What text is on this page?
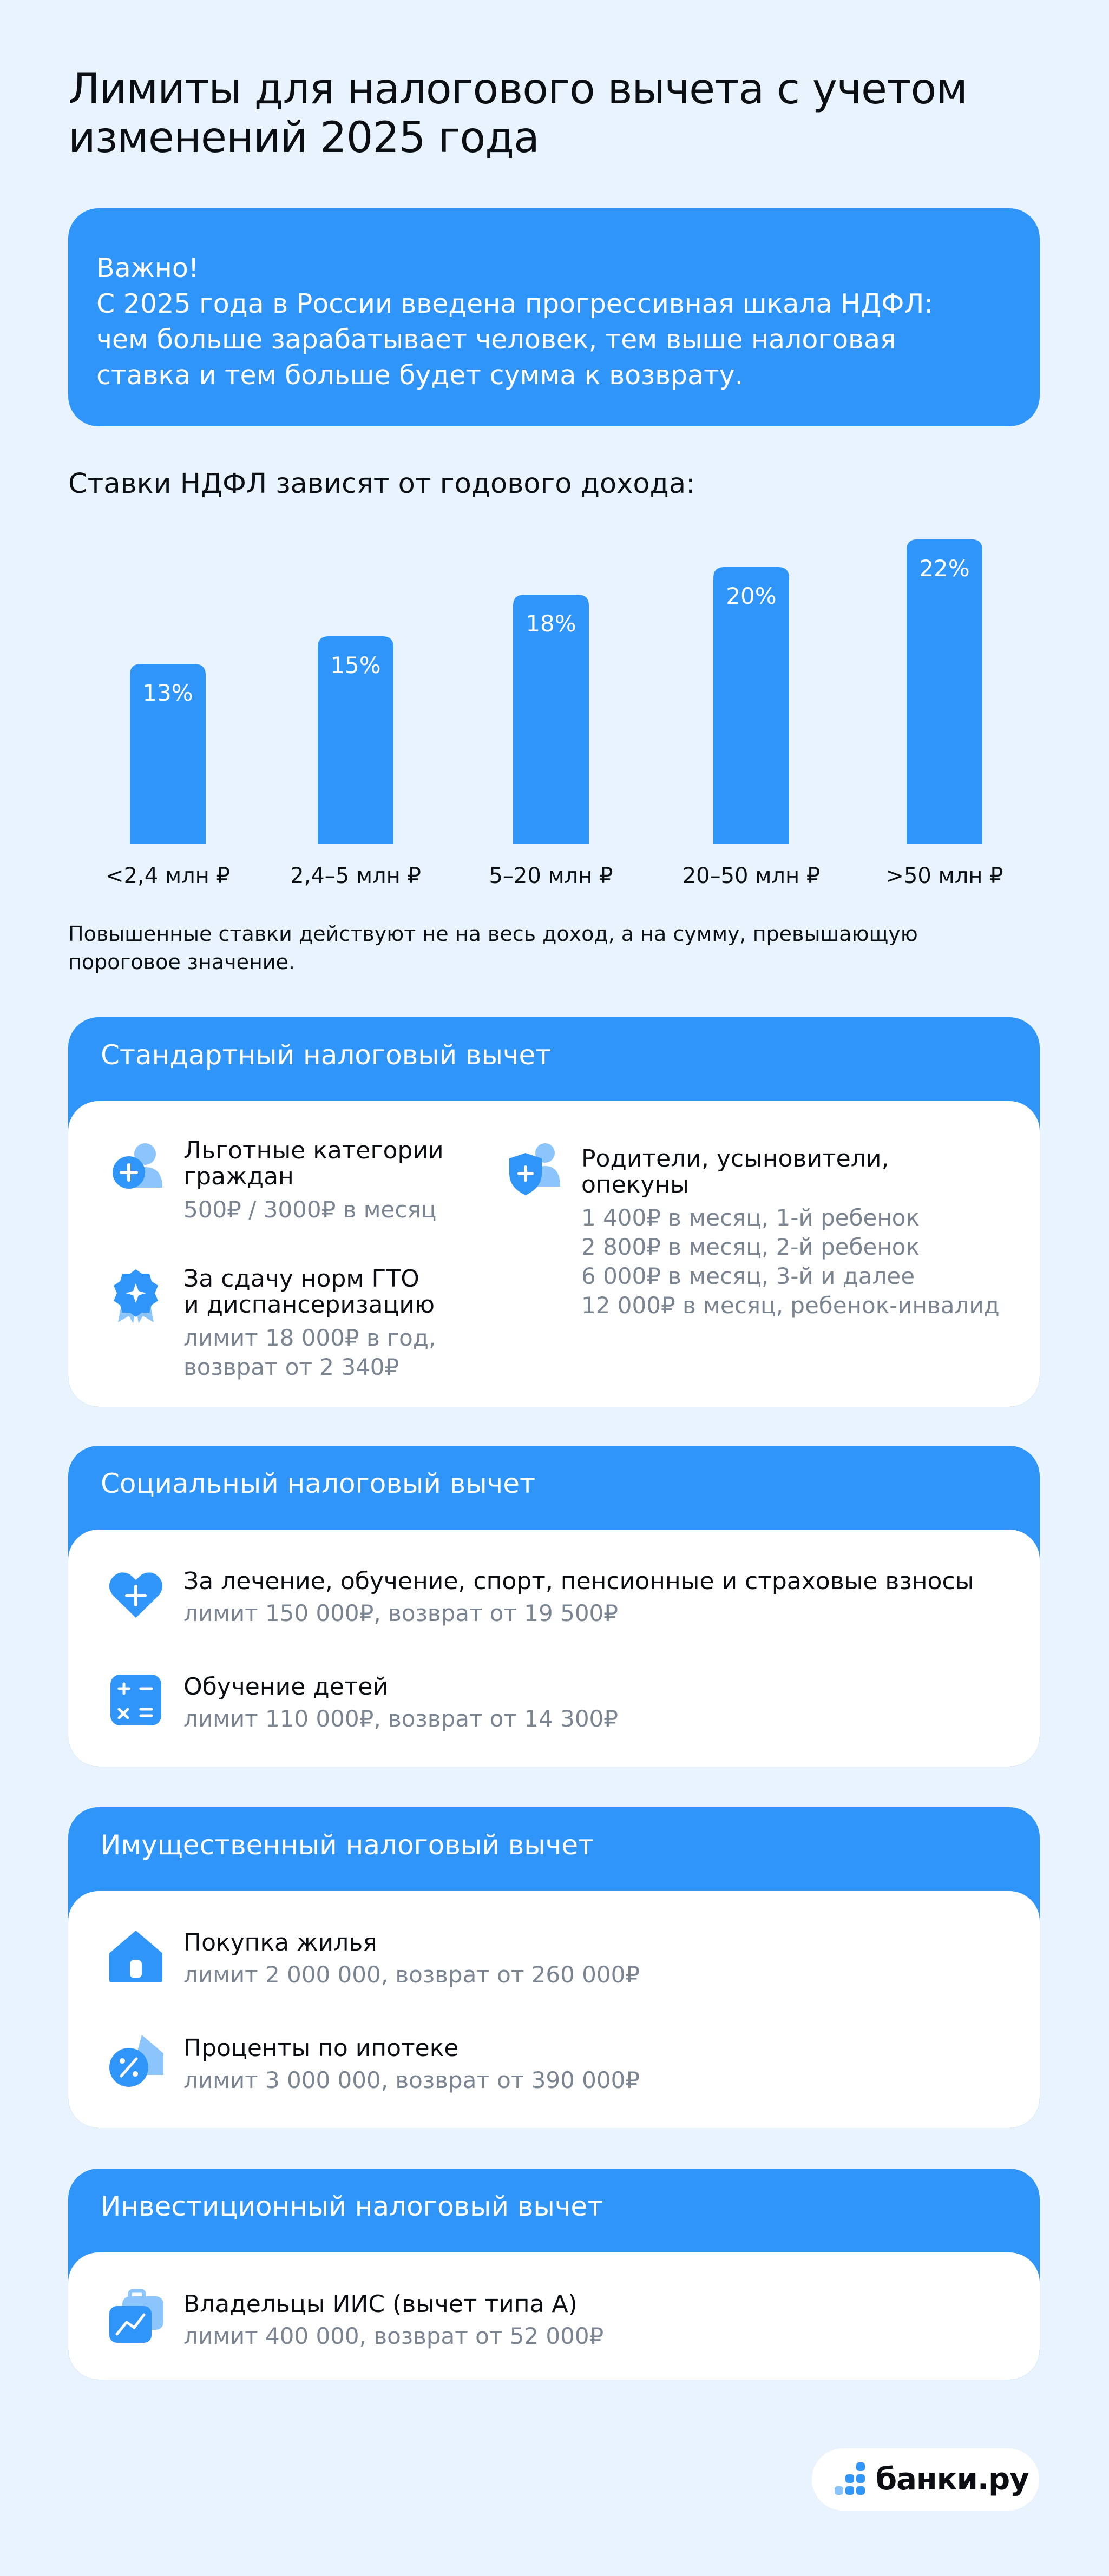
Лимиты для налогового вычета с учетом
изменений 2025 года
Важно!
С 2025 года в России введена прогрессивная шкала НДФЛ:
чем больше зарабатывает человек, тем выше налоговая
ставка и тем больше будет сумма к возврату.
Ставки НДФЛ зависят от годового дохода:
13%
<2,4 млн ₽
15%
2,4–5 млн ₽
18%
5–20 млн ₽
20%
20–50 млн ₽
22%
>50 млн ₽
Повышенные ставки действуют не на весь доход, а на сумму, превышающую
пороговое значение.
Стандартный налоговый вычет
Льготные категории
граждан
500₽ / 3000₽ в месяц
За сдачу норм ГТО
и диспансеризацию
лимит 18 000₽ в год,
возврат от 2 340₽
Родители, усыновители,
опекуны
1 400₽ в месяц, 1-й ребенок
2 800₽ в месяц, 2-й ребенок
6 000₽ в месяц, 3-й и далее
12 000₽ в месяц, ребенок-инвалид
Социальный налоговый вычет
За лечение, обучение, спорт, пенсионные и страховые взносы
лимит 150 000₽, возврат от 19 500₽
Обучение детей
лимит 110 000₽, возврат от 14 300₽
Имущественный налоговый вычет
Покупка жилья
лимит 2 000 000, возврат от 260 000₽
Проценты по ипотеке
лимит 3 000 000, возврат от 390 000₽
Инвестиционный налоговый вычет
Владельцы ИИС (вычет типа А)
лимит 400 000, возврат от 52 000₽
банки.ру
